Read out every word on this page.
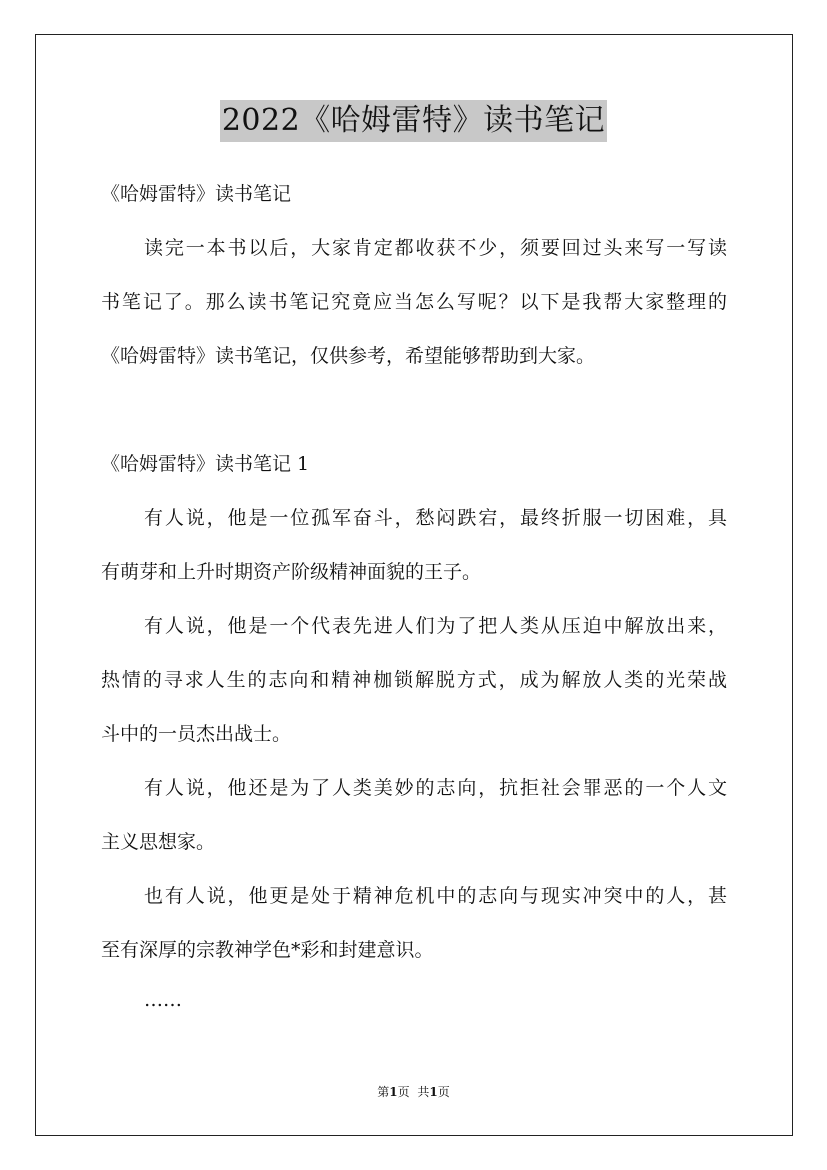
2022《哈姆雷特》读书笔记

《哈姆雷特》读书笔记

读完一本书以后，大家肯定都收获不少，须要回过头来写一写读

书笔记了。那么读书笔记究竟应当怎么写呢？以下是我帮大家整理的

《哈姆雷特》读书笔记，仅供参考，希望能够帮助到大家。

《哈姆雷特》读书笔记 1

有人说，他是一位孤军奋斗，愁闷跌宕，最终折服一切困难，具

有萌芽和上升时期资产阶级精神面貌的王子。

有人说，他是一个代表先进人们为了把人类从压迫中解放出来，

热情的寻求人生的志向和精神枷锁解脱方式，成为解放人类的光荣战

斗中的一员杰出战士。

有人说，他还是为了人类美妙的志向，抗拒社会罪恶的一个人文

主义思想家。

也有人说，他更是处于精神危机中的志向与现实冲突中的人，甚

至有深厚的宗教神学色*彩和封建意识。

……

第1页 共1页
